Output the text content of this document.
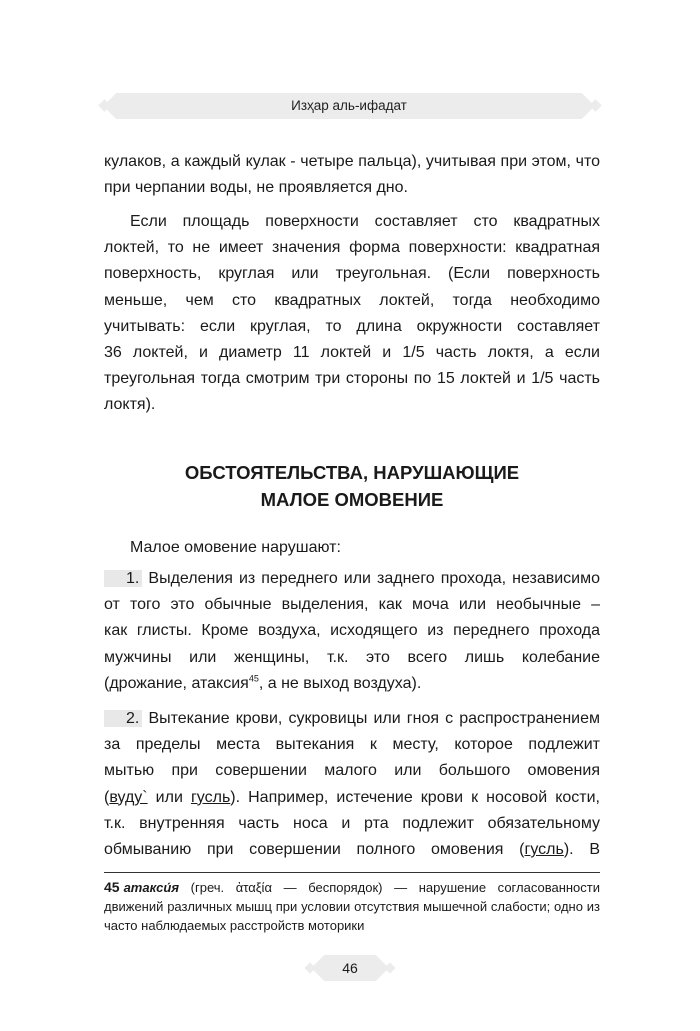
Изҳар аль-ифадат
кулаков, а каждый кулак - четыре пальца), учитывая при этом, что
при черпании воды, не проявляется дно.
Если площадь поверхности составляет сто квадратных
локтей, то не имеет значения форма поверхности: квадратная
поверхность, круглая или треугольная. (Если поверхность
меньше, чем сто квадратных локтей, тогда необходимо
учитывать: если круглая, то длина окружности составляет
36 локтей, и диаметр 11 локтей и 1/5 часть локтя, а если
треугольная тогда смотрим три стороны по 15 локтей и 1/5 часть
локтя).
ОБСТОЯТЕЛЬСТВА, НАРУШАЮЩИЕ
МАЛОЕ ОМОВЕНИЕ
Малое омовение нарушают:
1. Выделения из переднего или заднего прохода, независимо
от того это обычные выделения, как моча или необычные –
как глисты. Кроме воздуха, исходящего из переднего прохода
мужчины или женщины, т.к. это всего лишь колебание
(дрожание, атаксия$^{45}$, а не выход воздуха).
2. Вытекание крови, сукровицы или гноя с распространением
за пределы места вытекания к месту, которое подлежит
мытью при совершении малого или большого омовения
(вуду` или гусль). Например, истечение крови к носовой кости,
т.к. внутренняя часть носа и рта подлежит обязательному
обмыванию при совершении полного омовения (гусль). В

45 атакси́я (греч. ἀταξία — беспорядок) — нарушение согласованности движений различных мышц при условии отсутствия мышечной слабости; одно из часто наблюдаемых расстройств моторики

46
